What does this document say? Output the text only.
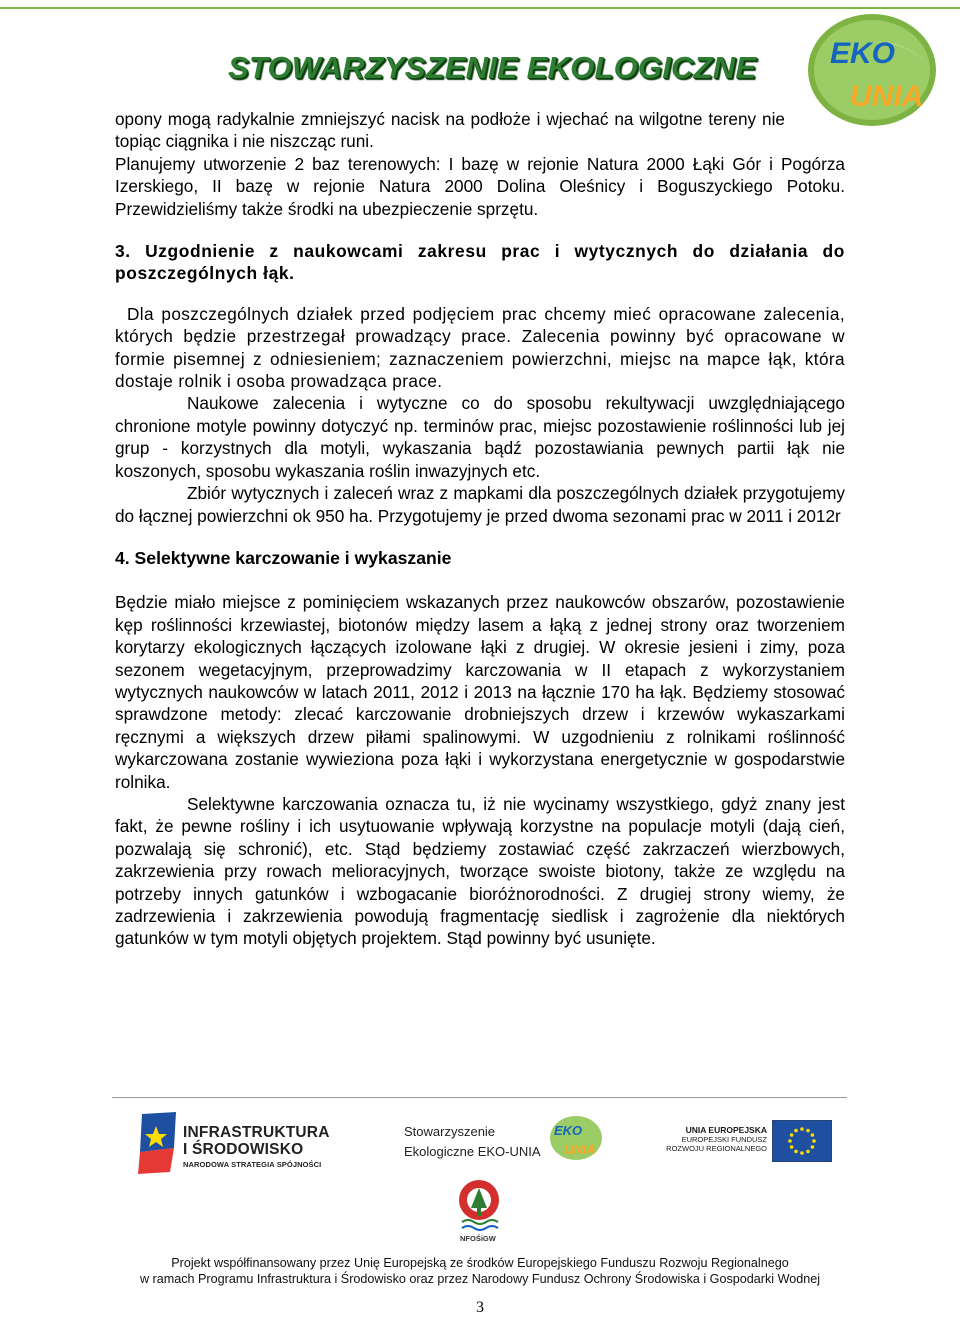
STOWARZYSZENIE EKOLOGICZNE EKO
UNIA

opony mogą radykalnie zmniejszyć nacisk na podłoże i wjechać na wilgotne tereny nie topiąc ciągnika i nie niszcząc runi.

Planujemy utworzenie 2 baz terenowych: I bazę w rejonie Natura 2000 Łąki Gór i Pogórza Izerskiego, II bazę w rejonie Natura 2000 Dolina Oleśnicy i Boguszyckiego Potoku. Przewidzieliśmy także środki na ubezpieczenie sprzętu.

3. Uzgodnienie z naukowcami zakresu prac i wytycznych do działania do poszczególnych łąk.

Dla poszczególnych działek przed podjęciem prac chcemy mieć opracowane zalecenia, których będzie przestrzegał prowadzący prace. Zalecenia powinny być opracowane w formie pisemnej z odniesieniem; zaznaczeniem powierzchni, miejsc na mapce łąk, która dostaje rolnik i osoba prowadząca prace.

Naukowe zalecenia i wytyczne co do sposobu rekultywacji uwzględniającego chronione motyle powinny dotyczyć np. terminów prac, miejsc pozostawienie roślinności lub jej grup - korzystnych dla motyli, wykaszania bądź pozostawiania pewnych partii łąk nie koszonych, sposobu wykaszania roślin inwazyjnych etc.

Zbiór wytycznych i zaleceń wraz z mapkami dla poszczególnych działek przygotujemy do łącznej powierzchni ok 950 ha. Przygotujemy je przed dwoma sezonami prac w 2011 i 2012r

4. Selektywne karczowanie i wykaszanie

Będzie miało miejsce z pominięciem wskazanych przez naukowców obszarów, pozostawienie kęp roślinności krzewiastej, biotonów między lasem a łąką z jednej strony oraz tworzeniem korytarzy ekologicznych łączących izolowane łąki z drugiej. W okresie jesieni i zimy, poza sezonem wegetacyjnym, przeprowadzimy karczowania w II etapach z wykorzystaniem wytycznych naukowców w latach 2011, 2012 i 2013 na łącznie 170 ha łąk. Będziemy stosować sprawdzone metody: zlecać karczowanie drobniejszych drzew i krzewów wykaszarkami ręcznymi a większych drzew piłami spalinowymi. W uzgodnieniu z rolnikami roślinność wykarczowana zostanie wywieziona poza łąki i wykorzystana energetycznie w gospodarstwie rolnika.

Selektywne karczowania oznacza tu, iż nie wycinamy wszystkiego, gdyż znany jest fakt, że pewne rośliny i ich usytuowanie wpływają korzystne na populacje motyli (dają cień, pozwalają się schronić), etc. Stąd będziemy zostawiać część zakrzaczeń wierzbowych, zakrzewienia przy rowach melioracyjnych, tworzące swoiste biotony, także ze względu na potrzeby innych gatunków i wzbogacanie bioróżnorodności. Z drugiej strony wiemy, że zadrzewienia i zakrzewienia powodują fragmentację siedlisk i zagrożenie dla niektórych gatunków w tym motyli objętych projektem. Stąd powinny być usunięte.

INFRASTRUKTURA
I ŚRODOWISKO
NARODOWA STRATEGIA SPÓJNOŚCI
Stowarzyszenie
Ekologiczne EKO-UNIA
EKO
UNIA
UNIA EUROPEJSKA
EUROPEJSKI FUNDUSZ
ROZWOJU REGIONALNEGO
NFOŚiGW
Projekt współfinansowany przez Unię Europejską ze środków Europejskiego Funduszu Rozwoju Regionalnego
w ramach Programu Infrastruktura i Środowisko oraz przez Narodowy Fundusz Ochrony Środowiska i Gospodarki Wodnej
3
